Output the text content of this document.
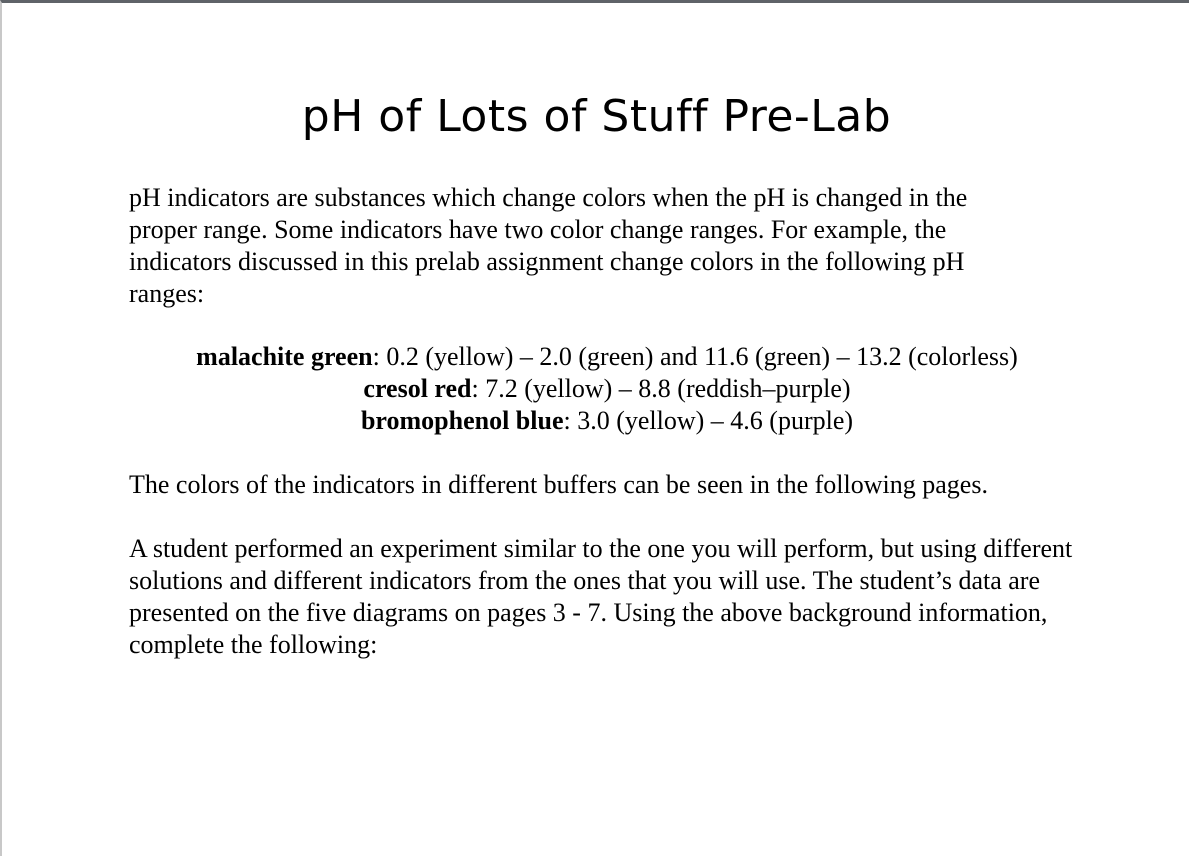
pH of Lots of Stuff Pre-Lab
pH indicators are substances which change colors when the pH is changed in the proper range. Some indicators have two color change ranges. For example, the indicators discussed in this prelab assignment change colors in the following pH ranges:
malachite green: 0.2 (yellow) – 2.0 (green) and 11.6 (green) – 13.2 (colorless)
cresol red: 7.2 (yellow) – 8.8 (reddish–purple)
bromophenol blue: 3.0 (yellow) – 4.6 (purple)
The colors of the indicators in different buffers can be seen in the following pages.
A student performed an experiment similar to the one you will perform, but using different solutions and different indicators from the ones that you will use. The student’s data are presented on the five diagrams on pages 3 - 7. Using the above background information, complete the following:
